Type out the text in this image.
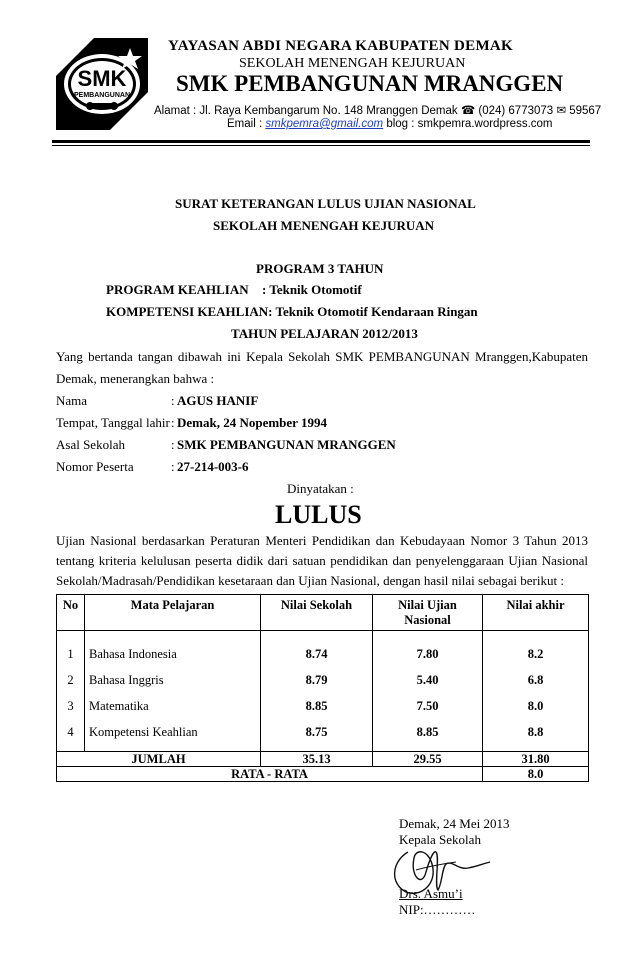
SMK
PEMBANGUNAN
YAYASAN ABDI NEGARA KABUPATEN DEMAK
SEKOLAH MENENGAH KEJURUAN
SMK PEMBANGUNAN MRANGGEN
Alamat : Jl. Raya Kembangarum No. 148 Mranggen Demak ☎ (024) 6773073 ✉ 59567
Email : smkpemra@gmail.com blog : smkpemra.wordpress.com
SURAT KETERANGAN LULUS UJIAN NASIONAL
SEKOLAH MENENGAH KEJURUAN
PROGRAM 3 TAHUN
PROGRAM KEAHLIAN : Teknik Otomotif
KOMPETENSI KEAHLIAN: Teknik Otomotif Kendaraan Ringan
TAHUN PELAJARAN 2012/2013
Yang bertanda tangan dibawah ini Kepala Sekolah SMK PEMBANGUNAN Mranggen,Kabupaten
Demak, menerangkan bahwa :
Nama	: AGUS HANIF
Tempat, Tanggal lahir : Demak, 24 Nopember 1994
Asal Sekolah	: SMK PEMBANGUNAN MRANGGEN
Nomor Peserta	: 27-214-003-6
Dinyatakan :
LULUS
Ujian Nasional berdasarkan Peraturan Menteri Pendidikan dan Kebudayaan Nomor 3 Tahun 2013
tentang kriteria kelulusan peserta didik dari satuan pendidikan dan penyelenggaraan Ujian Nasional
Sekolah/Madrasah/Pendidikan kesetaraan dan Ujian Nasional, dengan hasil nilai sebagai berikut :
No	Mata Pelajaran	Nilai Sekolah	Nilai Ujian Nasional	Nilai akhir
1	Bahasa Indonesia	8.74	7.80	8.2
2	Bahasa Inggris	8.79	5.40	6.8
3	Matematika	8.85	7.50	8.0
4	Kompetensi Keahlian	8.75	8.85	8.8
JUMLAH		35.13	29.55	31.80
RATA - RATA				8.0
Demak, 24 Mei 2013
Kepala Sekolah
Drs. Asmu’i
NIP:…………
